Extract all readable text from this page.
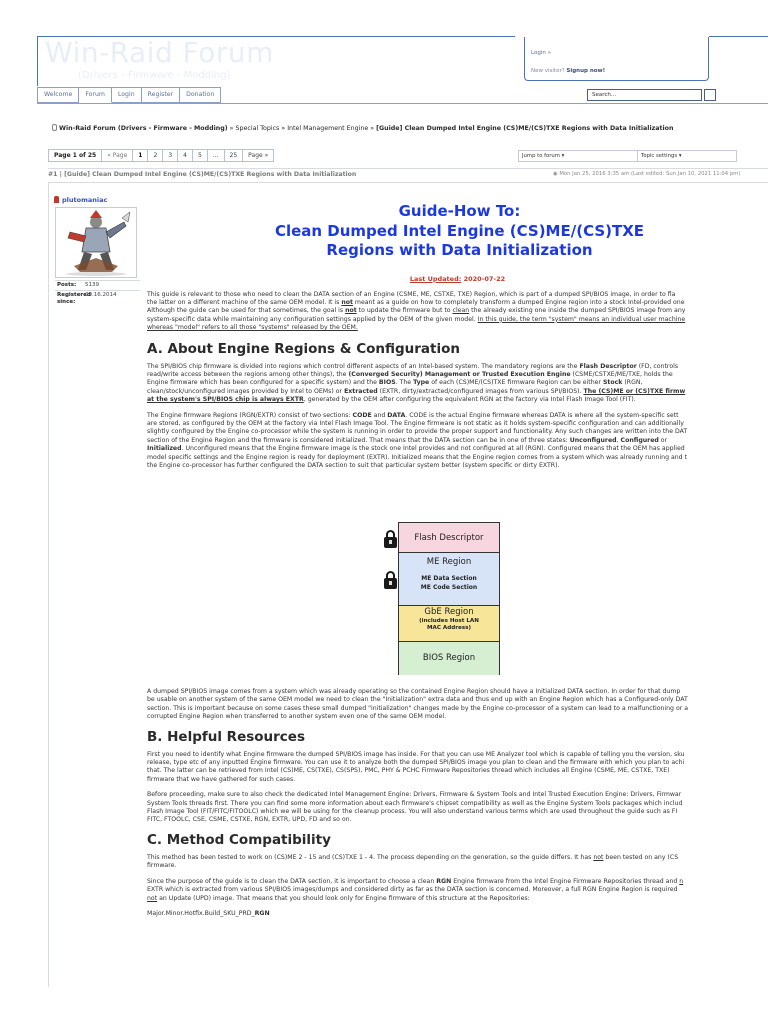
Win-Raid Forum
(Drivers - Firmware - Modding)
Login »
New visitor? Signup now!
Welcome	Forum	Login	Register	Donation	Search...
Win-Raid Forum (Drivers - Firmware - Modding) » Special Topics » Intel Management Engine » [Guide] Clean Dumped Intel Engine (CS)ME/(CS)TXE Regions with Data Initialization
Page 1 of 25	« Page	1	2	3	4	5	...	25	Page »	Jump to forum ▾	Topic settings ▾
#1 | [Guide] Clean Dumped Intel Engine (CS)ME/(CS)TXE Regions with Data Initialization	◉ Mon Jan 25, 2016 3:35 am (Last edited: Sun Jan 10, 2021 11:04 pm)
plutomaniac
Posts: 5139
Registered since:
09.16.2014
Guide-How To:
Clean Dumped Intel Engine (CS)ME/(CS)TXE
Regions with Data Initialization
Last Updated: 2020-07-22

This guide is relevant to those who need to clean the DATA section of an Engine (CSME, ME, CSTXE, TXE) Region, which is part of a dumped SPI/BIOS image, in order to fla

the latter on a different machine of the same OEM model. It is not meant as a guide on how to completely transform a dumped Engine region into a stock Intel-provided one

Although the guide can be used for that sometimes, the goal is not to update the firmware but to clean the already existing one inside the dumped SPI/BIOS image from any

system-specific data while maintaining any configuration settings applied by the OEM of the given model. In this guide, the term "system" means an individual user machine

whereas "model" refers to all those "systems" released by the OEM.

A. About Engine Regions & Configuration

The SPI/BIOS chip firmware is divided into regions which control different aspects of an Intel-based system. The mandatory regions are the Flash Descriptor (FD, controls

read/write access between the regions among other things), the (Converged Security) Management or Trusted Execution Engine (CSME/CSTXE/ME/TXE, holds the

Engine firmware which has been configured for a specific system) and the BIOS. The Type of each (CS)ME/(CS)TXE firmware Region can be either Stock (RGN,

clean/stock/unconfigured images provided by Intel to OEMs) or Extracted (EXTR, dirty/extracted/configured images from various SPI/BIOS). The (CS)ME or (CS)TXE firmw

at the system's SPI/BIOS chip is always EXTR, generated by the OEM after configuring the equivalent RGN at the factory via Intel Flash Image Tool (FIT).

The Engine firmware Regions (RGN/EXTR) consist of two sections: CODE and DATA. CODE is the actual Engine firmware whereas DATA is where all the system-specific sett

are stored, as configured by the OEM at the factory via Intel Flash Image Tool. The Engine firmware is not static as it holds system-specific configuration and can additionally

slightly configured by the Engine co-processor while the system is running in order to provide the proper support and functionality. Any such changes are written into the DAT

section of the Engine Region and the firmware is considered initialized. That means that the DATA section can be in one of three states: Unconfigured, Configured or

Initialized. Unconfigured means that the Engine firmware image is the stock one Intel provides and not configured at all (RGN). Configured means that the OEM has applied

model specific settings and the Engine region is ready for deployment (EXTR). Initialized means that the Engine region comes from a system which was already running and t

the Engine co-processor has further configured the DATA section to suit that particular system better (system specific or dirty EXTR).

Flash Descriptor
ME Region
ME Data Section
ME Code Section
GbE Region
(includes Host LAN
MAC Address)
BIOS Region

A dumped SPI/BIOS image comes from a system which was already operating so the contained Engine Region should have a Initialized DATA section. In order for that dump

be usable on another system of the same OEM model we need to clean the "Initialization" extra data and thus end up with an Engine Region which has a Configured-only DAT

section. This is important because on some cases these small dumped "initialization" changes made by the Engine co-processor of a system can lead to a malfunctioning or a

corrupted Engine Region when transferred to another system even one of the same OEM model.

B. Helpful Resources

First you need to identify what Engine firmware the dumped SPI/BIOS image has inside. For that you can use ME Analyzer tool which is capable of telling you the version, sku

release, type etc of any inputted Engine firmware. You can use it to analyze both the dumped SPI/BIOS image you plan to clean and the firmware with which you plan to achi

that. The latter can be retrieved from Intel (CS)ME, CS(TXE), CS(SPS), PMC, PHY & PCHC Firmware Repositories thread which includes all Engine (CSME, ME, CSTXE, TXE)

firmware that we have gathered for such cases.

Before proceeding, make sure to also check the dedicated Intel Management Engine: Drivers, Firmware & System Tools and Intel Trusted Execution Engine: Drivers, Firmwar

System Tools threads first. There you can find some more information about each firmware's chipset compatibility as well as the Engine System Tools packages which includ

Flash Image Tool (FIT/FITC/FITOOLC) which we will be using for the cleanup process. You will also understand various terms which are used throughout the guide such as FI

FITC, FTOOLC, CSE, CSME, CSTXE, RGN, EXTR, UPD, FD and so on.

C. Method Compatibility

This method has been tested to work on (CS)ME 2 - 15 and (CS)TXE 1 - 4. The process depending on the generation, so the guide differs. It has not been tested on any (CS

firmware.

Since the purpose of the guide is to clean the DATA section, it is important to choose a clean RGN Engine firmware from the Intel Engine Firmware Repositories thread and n

EXTR which is extracted from various SPI/BIOS images/dumps and considered dirty as far as the DATA section is concerned. Moreover, a full RGN Engine Region is required

not an Update (UPD) image. That means that you should look only for Engine firmware of this structure at the Repositories:

Major.Minor.Hotfix.Build_SKU_PRD_RGN
